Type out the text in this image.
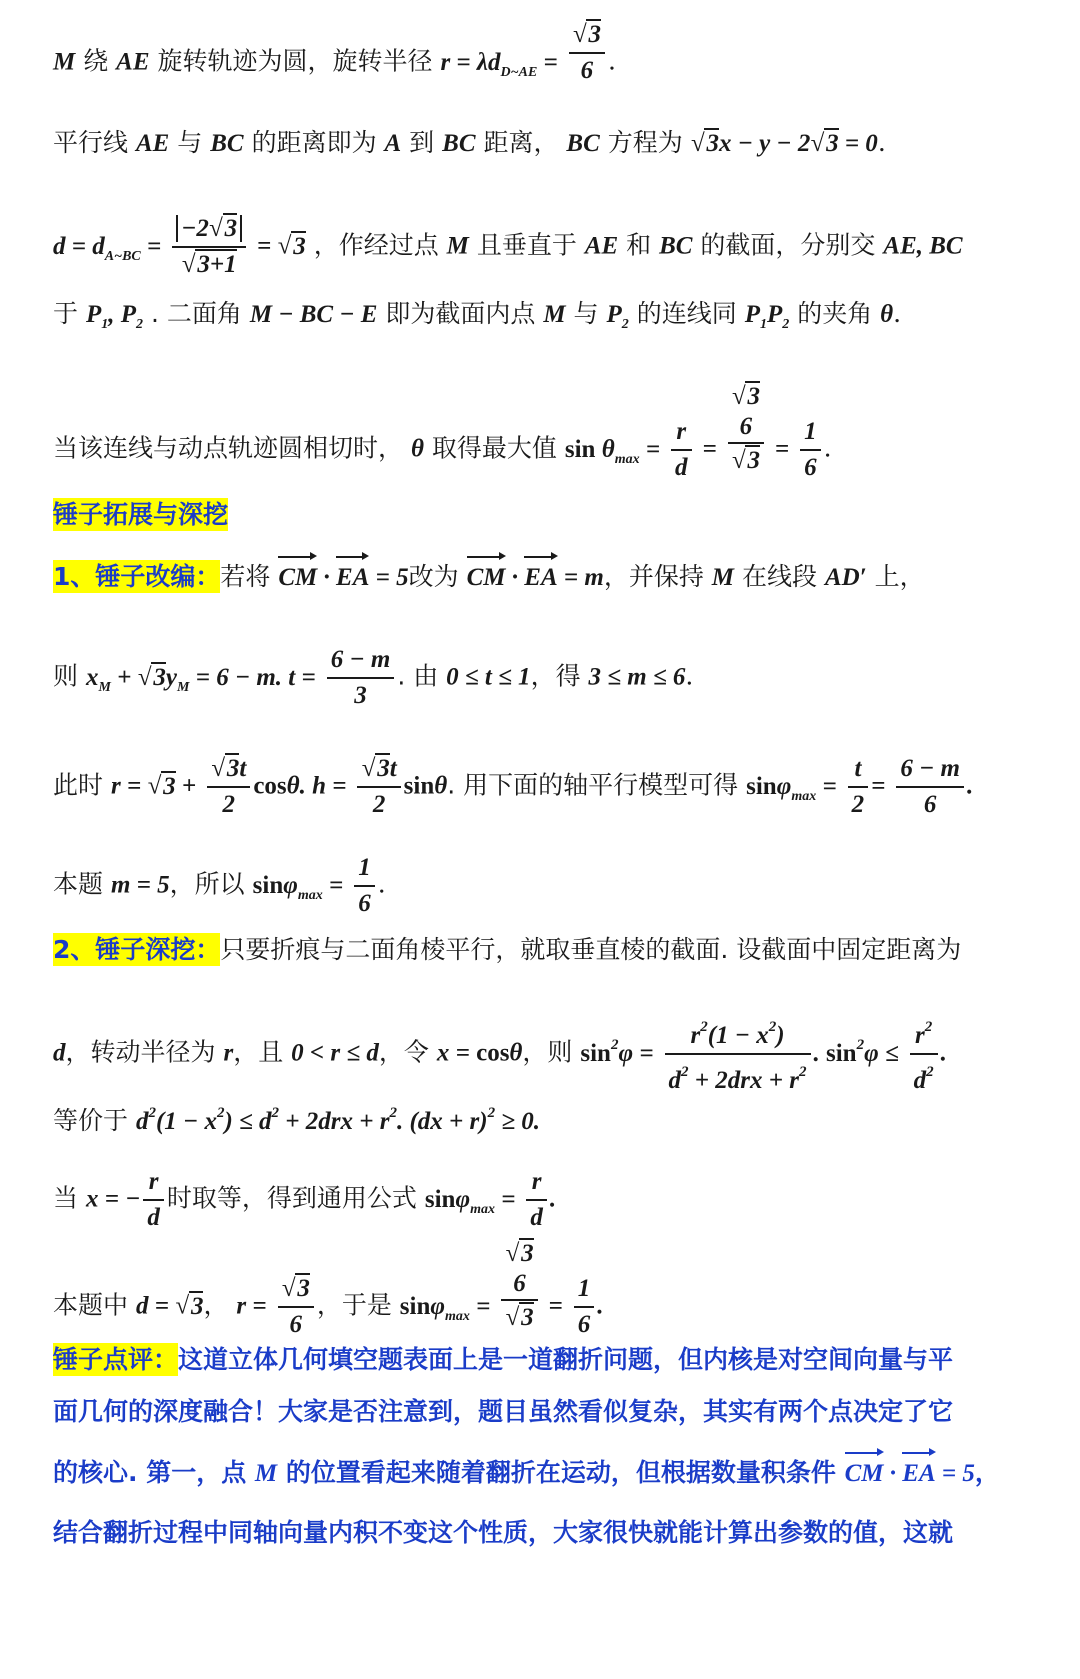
M 绕 AE 旋转轨迹为圆，旋转半径 $r = \lambda d_{D\sim AE} = \frac{√3}{6}$ .
平行线 AE 与 BC 的距离即为 A 到 BC 距离， BC 方程为 √3x − y − 2√3 = 0.
$d = d_{A\sim BC} = \frac{-2√3}{√3+1} = √3$ ，作经过点 M 且垂直于 AE 和 BC 的截面，分别交 AE, BC
于 $P_1$, $P_2$ . 二面角 M − BC − E 即为截面内点 M 与 $P_2$ 的连线同 $P_1P_2$ 的夹角 θ.
当该连线与动点轨迹圆相切时， θ 取得最大值 $\sin \theta_{max} = \frac{r}{d}$ =
√3
6
$√3 = \frac{1}{6}$ .
锤子拓展与深挖
1、锤子改编：若将 CM · EA = 5改为 CM · EA = m，并保持 M 在线段 AD′ 上，
则 $x_M + √3y_M = 6 - m$. $t = \frac{6 - m}{3}$ . 由 0 ≤ t ≤ 1，得 3 ≤ m ≤ 6.
此时 $r = √3 + \frac{√3t}{2} \cos\theta$. $h = \frac{√3t}{2} \sin\theta$. 用下面的轴平行模型可得 $\sin\varphi_{max} = \frac{t}{2} = \frac{6 - m}{6}$ .
本题 m = 5，所以 $\sin\varphi_{max} = \frac{1}{6}$ .
2、锤子深挖：只要折痕与二面角棱平行，就取垂直棱的截面. 设截面中固定距离为
d，转动半径为 r，且 0 < r ≤ d，令 x = cosθ，则 $\sin^2\varphi = \frac{r^2(1 - x^2)}{d^2 + 2drx + r^2}$ . $\sin^2\varphi \le \frac{r^2}{d^2}$ .
等价于 $d^2(1 - x^2) \le d^2 + 2drx + r^2$. (dx + r)$^2$ ≥ 0.
当 x = − $\frac{r}{d}$ 时取等，得到通用公式 $\sin\varphi_{max} = \frac{r}{d}$ .
本题中 d = √3， $r = \frac{√3}{6}$ ，于是 sinφ$_{max}$ =
√3
6
$√3 = \frac{1}{6}$ .
锤子点评：这道立体几何填空题表面上是一道翻折问题，但内核是对空间向量与平
面几何的深度融合！大家是否注意到，题目虽然看似复杂，其实有两个点决定了它
的核心. 第一，点 M 的位置看起来随着翻折在运动，但根据数量积条件 CM · EA = 5，
结合翻折过程中同轴向量内积不变这个性质，大家很快就能计算出参数的值，这就
